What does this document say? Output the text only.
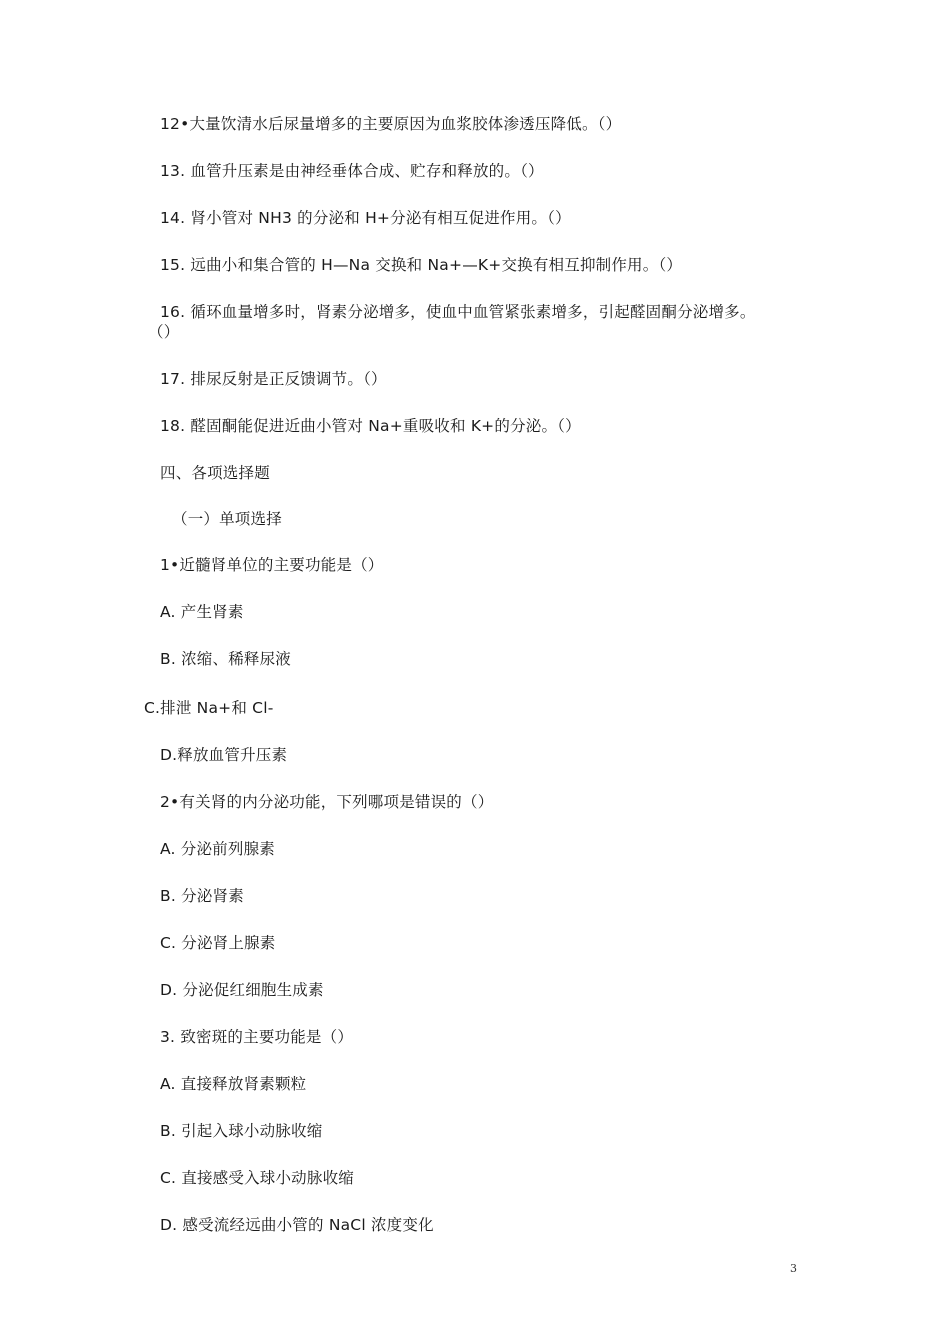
12•大量饮清水后尿量增多的主要原因为血浆胶体渗透压降低。（）
13. 血管升压素是由神经垂体合成、贮存和释放的。（）
14. 肾小管对 NH3 的分泌和 H+分泌有相互促进作用。（）
15. 远曲小和集合管的 H—Na 交换和 Na+—K+交换有相互抑制作用。（）
16. 循环血量增多时，肾素分泌增多，使血中血管紧张素增多，引起醛固酮分泌增多。
（）
17. 排尿反射是正反馈调节。（）
18. 醛固酮能促进近曲小管对 Na+重吸收和 K+的分泌。（）
四、各项选择题
（一）单项选择
1•近髓肾单位的主要功能是（）
A. 产生肾素
B. 浓缩、稀释尿液
C.排泄 Na+和 Cl-
D.释放血管升压素
2•有关肾的内分泌功能，下列哪项是错误的（）
A. 分泌前列腺素
B. 分泌肾素
C. 分泌肾上腺素
D. 分泌促红细胞生成素
3. 致密斑的主要功能是（）
A. 直接释放肾素颗粒
B. 引起入球小动脉收缩
C. 直接感受入球小动脉收缩
D. 感受流经远曲小管的 NaCl 浓度变化
3
